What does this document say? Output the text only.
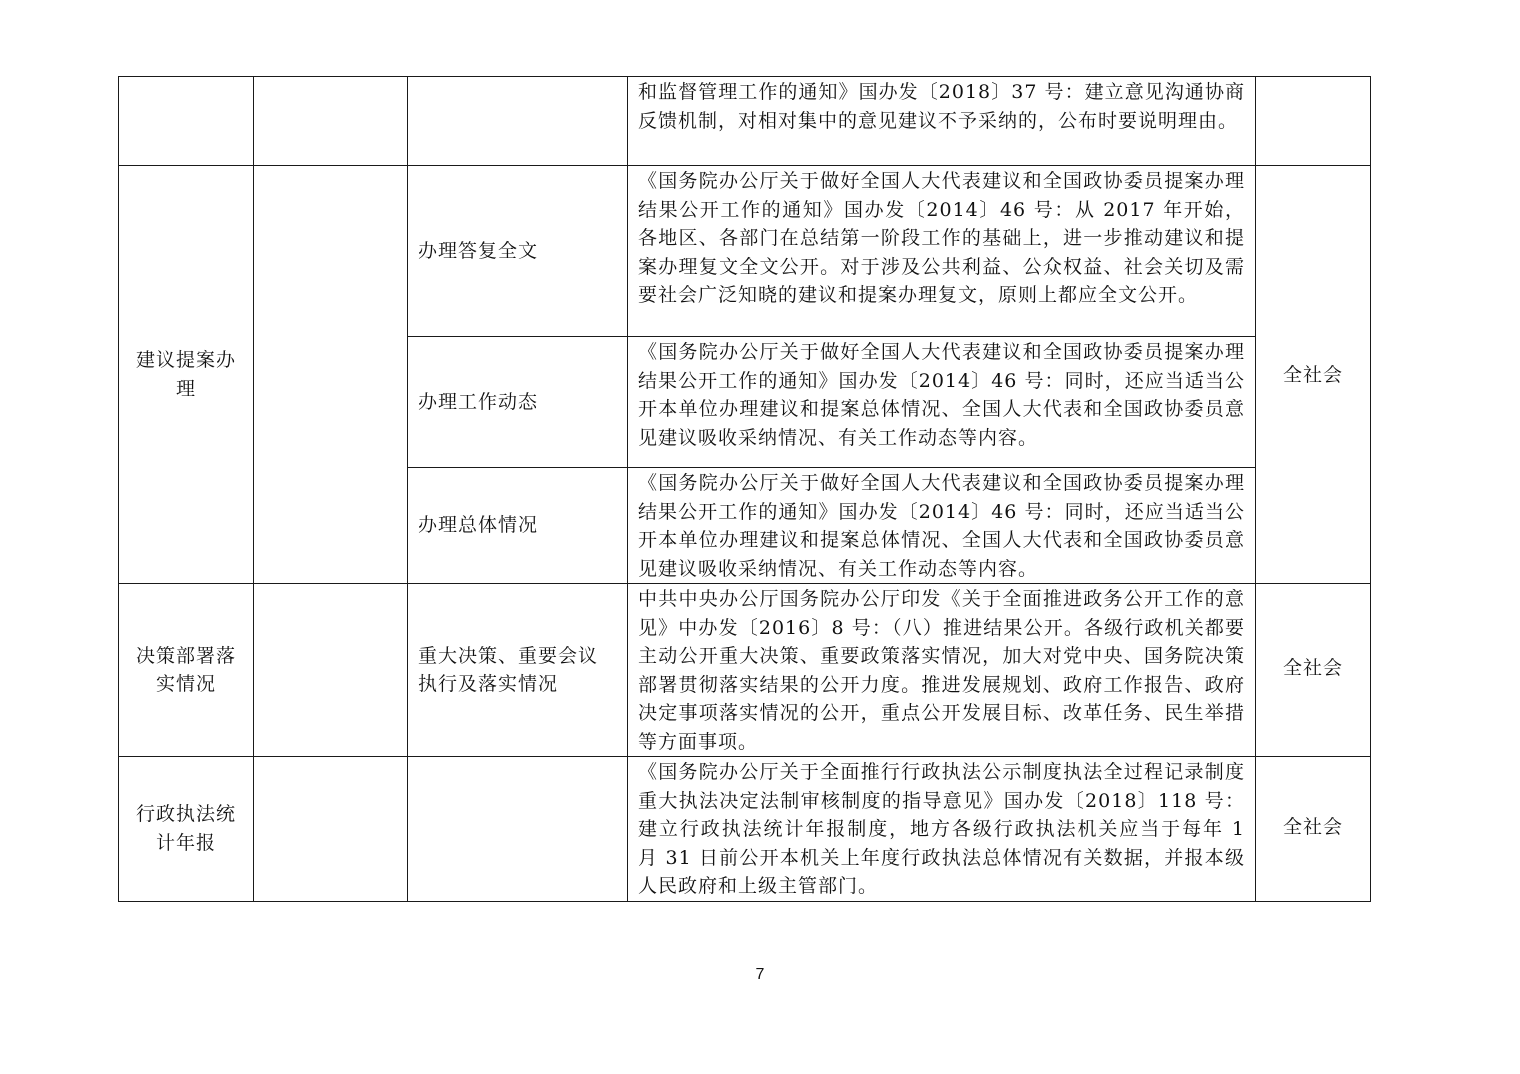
			和监督管理工作的通知》国办发〔2018〕37 号：建立意见沟通协商反馈机制，对相对集中的意见建议不予采纳的，公布时要说明理由。	

建议提案办理		办理答复全文	《国务院办公厅关于做好全国人大代表建议和全国政协委员提案办理结果公开工作的通知》国办发〔2014〕46 号：从 2017 年开始，各地区、各部门在总结第一阶段工作的基础上，进一步推动建议和提案办理复文全文公开。对于涉及公共利益、公众权益、社会关切及需要社会广泛知晓的建议和提案办理复文，原则上都应全文公开。	全社会

		办理工作动态	《国务院办公厅关于做好全国人大代表建议和全国政协委员提案办理结果公开工作的通知》国办发〔2014〕46 号：同时，还应当适当公开本单位办理建议和提案总体情况、全国人大代表和全国政协委员意见建议吸收采纳情况、有关工作动态等内容。	

		办理总体情况	《国务院办公厅关于做好全国人大代表建议和全国政协委员提案办理结果公开工作的通知》国办发〔2014〕46 号：同时，还应当适当公开本单位办理建议和提案总体情况、全国人大代表和全国政协委员意见建议吸收采纳情况、有关工作动态等内容。	

决策部署落实情况		重大决策、重要会议执行及落实情况	中共中央办公厅国务院办公厅印发《关于全面推进政务公开工作的意见》中办发〔2016〕8 号：（八）推进结果公开。各级行政机关都要主动公开重大决策、重要政策落实情况，加大对党中央、国务院决策部署贯彻落实结果的公开力度。推进发展规划、政府工作报告、政府决定事项落实情况的公开，重点公开发展目标、改革任务、民生举措等方面事项。	全社会

行政执法统计年报			《国务院办公厅关于全面推行行政执法公示制度执法全过程记录制度重大执法决定法制审核制度的指导意见》国办发〔2018〕118 号：建立行政执法统计年报制度，地方各级行政执法机关应当于每年 1 月 31 日前公开本机关上年度行政执法总体情况有关数据，并报本级人民政府和上级主管部门。	全社会
7
